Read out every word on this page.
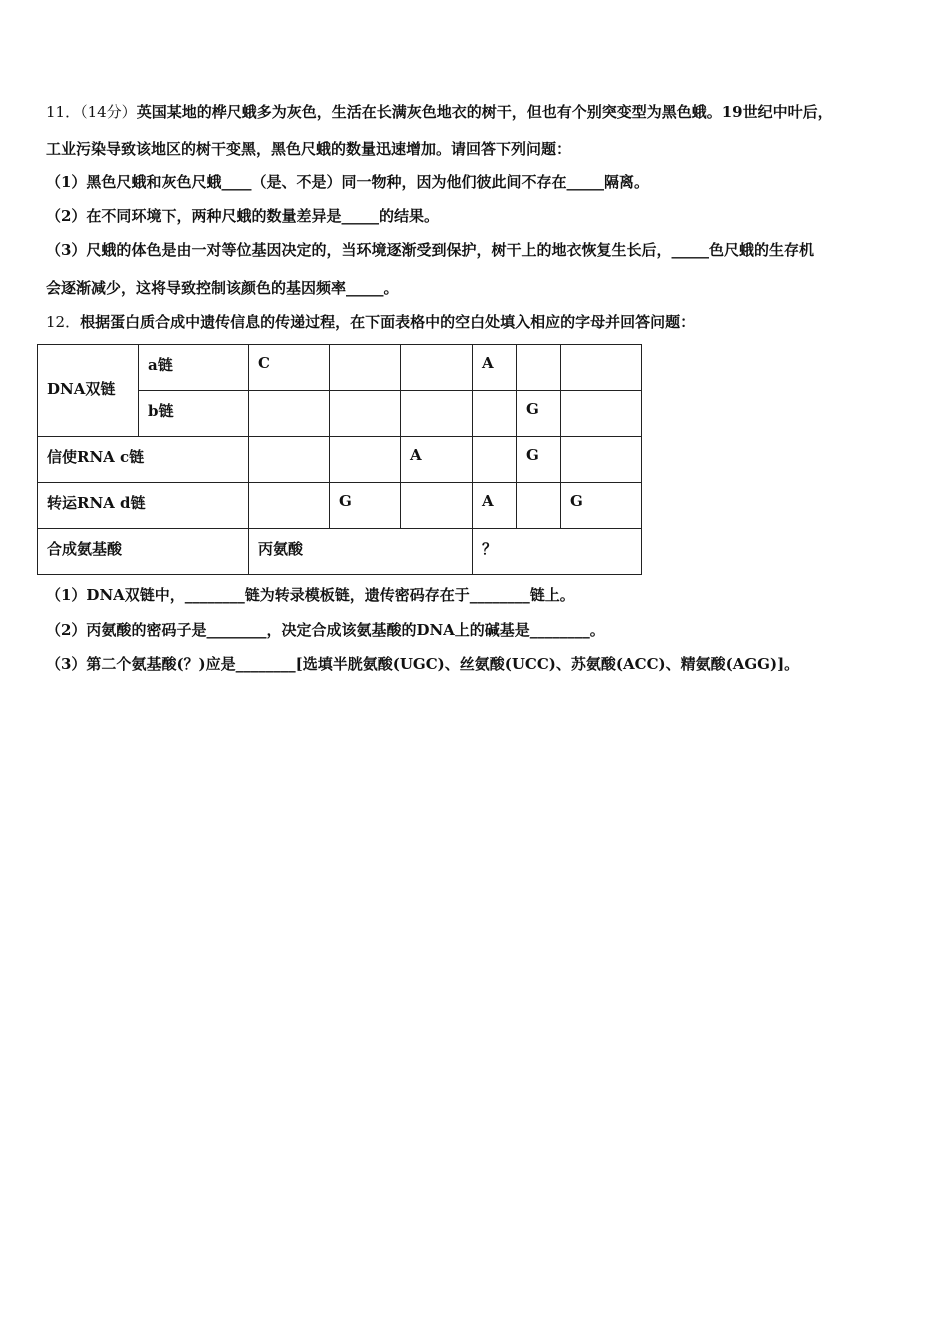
11．（14分）英国某地的桦尺蛾多为灰色，生活在长满灰色地衣的树干，但也有个别突变型为黑色蛾。19世纪中叶后，
工业污染导致该地区的树干变黑，黑色尺蛾的数量迅速增加。请回答下列问题：
（1）黑色尺蛾和灰色尺蛾____（是、不是）同一物种，因为他们彼此间不存在_____隔离。
（2）在不同环境下，两种尺蛾的数量差异是_____的结果。
（3）尺蛾的体色是由一对等位基因决定的，当环境逐渐受到保护，树干上的地衣恢复生长后，_____色尺蛾的生存机
会逐渐减少，这将导致控制该颜色的基因频率_____。
12．根据蛋白质合成中遗传信息的传递过程，在下面表格中的空白处填入相应的字母并回答问题：
DNA双链	a链	C			A		
	b链					G	
信使RNA c链				A		G	
转运RNA d链			G		A		G
合成氨基酸		丙氨酸			？		
（1）DNA双链中，________链为转录模板链，遗传密码存在于________链上。
（2）丙氨酸的密码子是________，决定合成该氨基酸的DNA上的碱基是________。
（3）第二个氨基酸(？)应是________[选填半胱氨酸(UGC)、丝氨酸(UCC)、苏氨酸(ACC)、精氨酸(AGG)]。
